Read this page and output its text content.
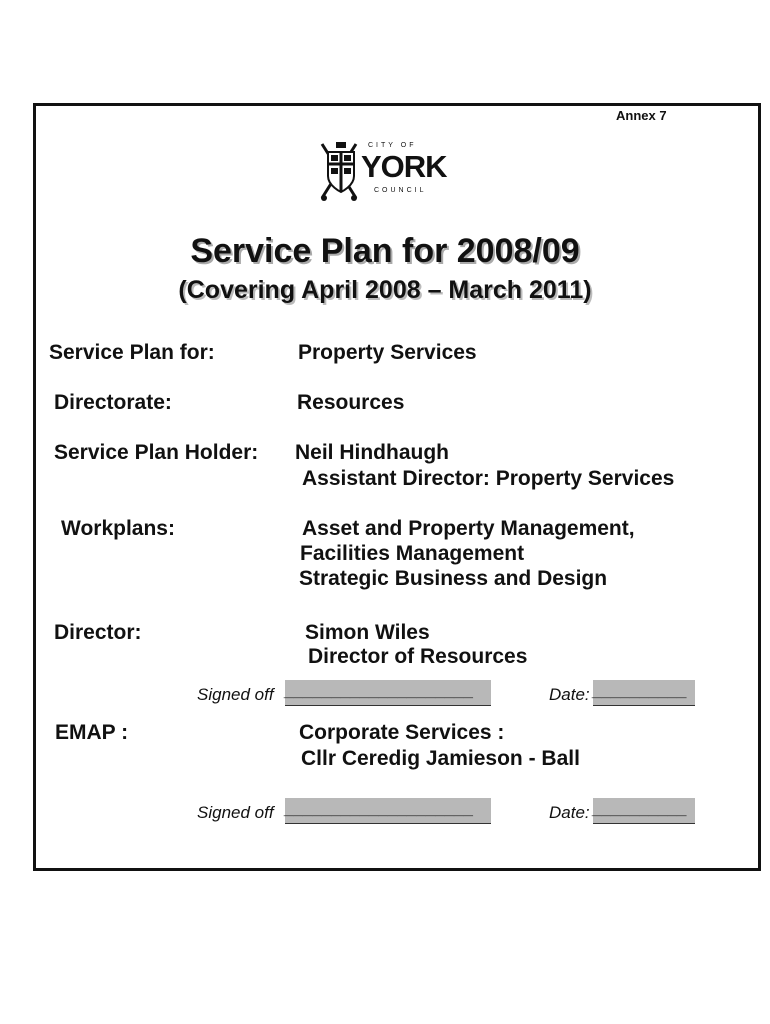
Annex 7
CITY OF
YORK
COUNCIL
Service Plan for 2008/09
(Covering April 2008 – March 2011)
Service Plan for:	Property Services
Directorate:	Resources
Service Plan Holder: Neil Hindhaugh
Assistant Director: Property Services
Workplans:	Asset and Property Management,
Facilities Management
Strategic Business and Design
Director:	Simon Wiles
Director of Resources
Signed off ____________________	Date: __________
EMAP :	Corporate Services :
Cllr Ceredig Jamieson - Ball
Signed off ____________________	Date: __________
